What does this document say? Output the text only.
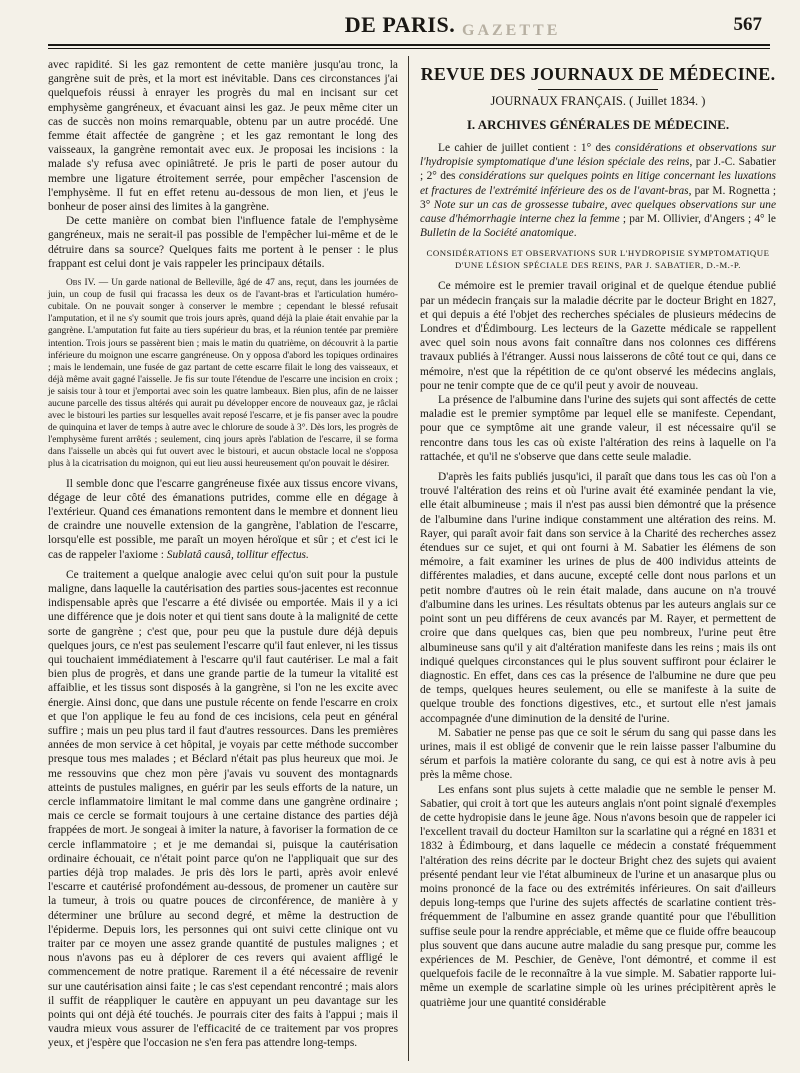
GAZETTE
DE PARIS.	567

avec rapidité. Si les gaz remontent de cette manière jusqu'au tronc, la gangrène suit de près, et la mort est inévitable. Dans ces circonstances j'ai quelquefois réussi à enrayer les progrès du mal en incisant sur cet emphysème gangréneux, et évacuant ainsi les gaz. Je peux même citer un cas de succès non moins remarquable, obtenu par un autre procédé. Une femme était affectée de gangrène ; et les gaz remontant le long des vaisseaux, la gangrène remontait avec eux. Je proposai les incisions : la malade s'y refusa avec opiniâtreté. Je pris le parti de poser autour du membre une ligature étroitement serrée, pour empêcher l'ascension de l'emphysème. Il fut en effet retenu au-dessous de mon lien, et j'eus le bonheur de poser ainsi des limites à la gangrène.

De cette manière on combat bien l'influence fatale de l'emphysème gangréneux, mais ne serait-il pas possible de l'empêcher lui-même et de le détruire dans sa source? Quelques faits me portent à le penser : le plus frappant est celui dont je vais rappeler les principaux détails.

Obs IV. — Un garde national de Belleville, âgé de 47 ans, reçut, dans les journées de juin, un coup de fusil qui fracassa les deux os de l'avant-bras et l'articulation huméro-cubitale. On ne pouvait songer à conserver le membre ; cependant le blessé refusait l'amputation, et il ne s'y soumit que trois jours après, quand déjà la plaie était envahie par la gangrène. L'amputation fut faite au tiers supérieur du bras, et la réunion tentée par première intention. Trois jours se passèrent bien ; mais le matin du quatrième, on découvrit à la partie inférieure du moignon une escarre gangréneuse. On y opposa d'abord les topiques ordinaires ; mais le lendemain, une fusée de gaz partant de cette escarre filait le long des vaisseaux, et déjà même avait gagné l'aisselle. Je fis sur toute l'étendue de l'escarre une incision en croix ; je saisis tour à tour et j'emportai avec soin les quatre lambeaux. Bien plus, afin de ne laisser aucune parcelle des tissus altérés qui aurait pu développer encore de nouveaux gaz, je râclai avec le bistouri les parties sur lesquelles avait reposé l'escarre, et je fis panser avec la poudre de quinquina et laver de temps à autre avec le chlorure de soude à 3°. Dès lors, les progrès de l'emphysème furent arrêtés ; seulement, cinq jours après l'ablation de l'escarre, il se forma dans l'aisselle un abcès qui fut ouvert avec le bistouri, et aucun obstacle local ne s'opposa plus à la cicatrisation du moignon, qui eut lieu aussi heureusement qu'on pouvait le désirer.

Il semble donc que l'escarre gangréneuse fixée aux tissus encore vivans, dégage de leur côté des émanations putrides, comme elle en dégage à l'extérieur. Quand ces émanations remontent dans le membre et donnent lieu de craindre une nouvelle extension de la gangrène, l'ablation de l'escarre, lorsqu'elle est possible, me paraît un moyen héroïque et sûr ; et c'est ici le cas de rappeler l'axiome : Sublatâ causâ, tollitur effectus.

Ce traitement a quelque analogie avec celui qu'on suit pour la pustule maligne, dans laquelle la cautérisation des parties sous-jacentes est reconnue indispensable après que l'escarre a été divisée ou emportée. Mais il y a ici une différence que je dois noter et qui tient sans doute à la malignité de cette sorte de gangrène ; c'est que, pour peu que la pustule dure déjà depuis quelques jours, ce n'est pas seulement l'escarre qu'il faut enlever, ni les tissus qui touchaient immédiatement à l'escarre qu'il faut cautériser. Le mal a fait bien plus de progrès, et dans une grande partie de la tumeur la vitalité est affaiblie, et les tissus sont disposés à la gangrène, si l'on ne les excite avec énergie. Ainsi donc, que dans une pustule récente on fende l'escarre en croix et que l'on applique le feu au fond de ces incisions, cela peut en général suffire ; mais un peu plus tard il faut d'autres ressources. Dans les premières années de mon service à cet hôpital, je voyais par cette méthode succomber presque tous mes malades ; et Béclard n'était pas plus heureux que moi. Je me ressouvins que chez mon père j'avais vu souvent des montagnards atteints de pustules malignes, en guérir par les seuls efforts de la nature, un cercle inflammatoire limitant le mal comme dans une gangrène ordinaire ; mais ce cercle se formait toujours à une certaine distance des parties déjà frappées de mort. Je songeai à imiter la nature, à favoriser la formation de ce cercle inflammatoire ; et je me demandai si, puisque la cautérisation ordinaire échouait, ce n'était point parce qu'on ne l'appliquait que sur des parties déjà trop malades. Je pris dès lors le parti, après avoir enlevé l'escarre et cautérisé profondément au-dessous, de promener un cautère sur la tumeur, à trois ou quatre pouces de circonférence, de manière à y déterminer une brûlure au second degré, et même la destruction de l'épiderme. Depuis lors, les personnes qui ont suivi cette clinique ont vu traiter par ce moyen une assez grande quantité de pustules malignes ; et nous n'avons pas eu à déplorer de ces revers qui avaient affligé le commencement de notre pratique. Rarement il a été nécessaire de revenir sur une cautérisation ainsi faite ; le cas s'est cependant rencontré ; mais alors il suffit de réappliquer le cautère en appuyant un peu davantage sur les points qui ont déjà été touchés. Je pourrais citer des faits à l'appui ; mais il vaudra mieux vous assurer de l'efficacité de ce traitement par vos propres yeux, et j'espère que l'occasion ne s'en fera pas attendre long-temps.

REVUE DES JOURNAUX DE MÉDECINE.
JOURNAUX FRANÇAIS. ( Juillet 1834. )
I. ARCHIVES GÉNÉRALES DE MÉDECINE.

Le cahier de juillet contient : 1° des considérations et observations sur l'hydropisie symptomatique d'une lésion spéciale des reins, par J.-C. Sabatier ; 2° des considérations sur quelques points en litige concernant les luxations et fractures de l'extrémité inférieure des os de l'avant-bras, par M. Rognetta ; 3° Note sur un cas de grossesse tubaire, avec quelques observations sur une cause d'hémorrhagie interne chez la femme ; par M. Ollivier, d'Angers ; 4° le Bulletin de la Société anatomique.

CONSIDÉRATIONS ET OBSERVATIONS SUR L'HYDROPISIE SYMPTOMATIQUE D'UNE LÉSION SPÉCIALE DES REINS, PAR J. SABATIER, D.-M.-P.

Ce mémoire est le premier travail original et de quelque étendue publié par un médecin français sur la maladie décrite par le docteur Bright en 1827, et qui depuis a été l'objet des recherches spéciales de plusieurs médecins de Londres et d'Édimbourg. Les lecteurs de la Gazette médicale se rappellent avec quel soin nous avons fait connaître dans nos colonnes ces différens travaux publiés à l'étranger. Aussi nous laisserons de côté tout ce qui, dans ce mémoire, n'est que la répétition de ce qu'ont observé les médecins anglais, pour ne tenir compte que de ce qu'il peut y avoir de nouveau.

La présence de l'albumine dans l'urine des sujets qui sont affectés de cette maladie est le premier symptôme par lequel elle se manifeste. Cependant, pour que ce symptôme ait une grande valeur, il est nécessaire qu'il se rencontre dans tous les cas où existe l'altération des reins à laquelle on l'a rattachée, et qu'il ne s'observe que dans cette seule maladie.

D'après les faits publiés jusqu'ici, il paraît que dans tous les cas où l'on a trouvé l'altération des reins et où l'urine avait été examinée pendant la vie, elle était albumineuse ; mais il n'est pas aussi bien démontré que la présence de l'albumine dans l'urine indique constamment une altération des reins. M. Rayer, qui paraît avoir fait dans son service à la Charité des recherches assez étendues sur ce sujet, et qui ont fourni à M. Sabatier les élémens de son mémoire, a fait examiner les urines de plus de 400 individus atteints de différentes maladies, et dans aucune, excepté celle dont nous parlons et un petit nombre d'autres où le rein était malade, dans aucune on n'a trouvé d'albumine dans les urines. Les résultats obtenus par les auteurs anglais sur ce point sont un peu différens de ceux avancés par M. Rayer, et permettent de croire que dans quelques cas, bien que peu nombreux, l'urine peut être albumineuse sans qu'il y ait d'altération manifeste dans les reins ; mais ils ont indiqué quelques circonstances qui le plus souvent suffiront pour éclairer le diagnostic. En effet, dans ces cas la présence de l'albumine ne dure que peu de temps, quelques heures seulement, ou elle se manifeste à la suite de quelque trouble des fonctions digestives, etc., et surtout elle n'est jamais accompagnée d'une diminution de la densité de l'urine.

M. Sabatier ne pense pas que ce soit le sérum du sang qui passe dans les urines, mais il est obligé de convenir que le rein laisse passer l'albumine du sérum et parfois la matière colorante du sang, ce qui est à notre avis à peu près la même chose.

Les enfans sont plus sujets à cette maladie que ne semble le penser M. Sabatier, qui croit à tort que les auteurs anglais n'ont point signalé d'exemples de cette hydropisie dans le jeune âge. Nous n'avons besoin que de rappeler ici l'excellent travail du docteur Hamilton sur la scarlatine qui a régné en 1831 et 1832 à Édimbourg, et dans laquelle ce médecin a constaté fréquemment l'altération des reins décrite par le docteur Bright chez des sujets qui avaient présenté pendant leur vie l'état albumineux de l'urine et un anasarque plus ou moins prononcé de la face ou des extrémités inférieures. On sait d'ailleurs depuis long-temps que l'urine des sujets affectés de scarlatine contient très-fréquemment de l'albumine en assez grande quantité pour que l'ébullition suffise seule pour la rendre appréciable, et même que ce fluide offre beaucoup plus souvent que dans aucune autre maladie du sang presque pur, comme les expériences de M. Peschier, de Genève, l'ont démontré, et comme il est quelquefois facile de le reconnaître à la vue simple. M. Sabatier rapporte lui-même un exemple de scarlatine simple où les urines précipitèrent après le quatrième jour une quantité considérable
